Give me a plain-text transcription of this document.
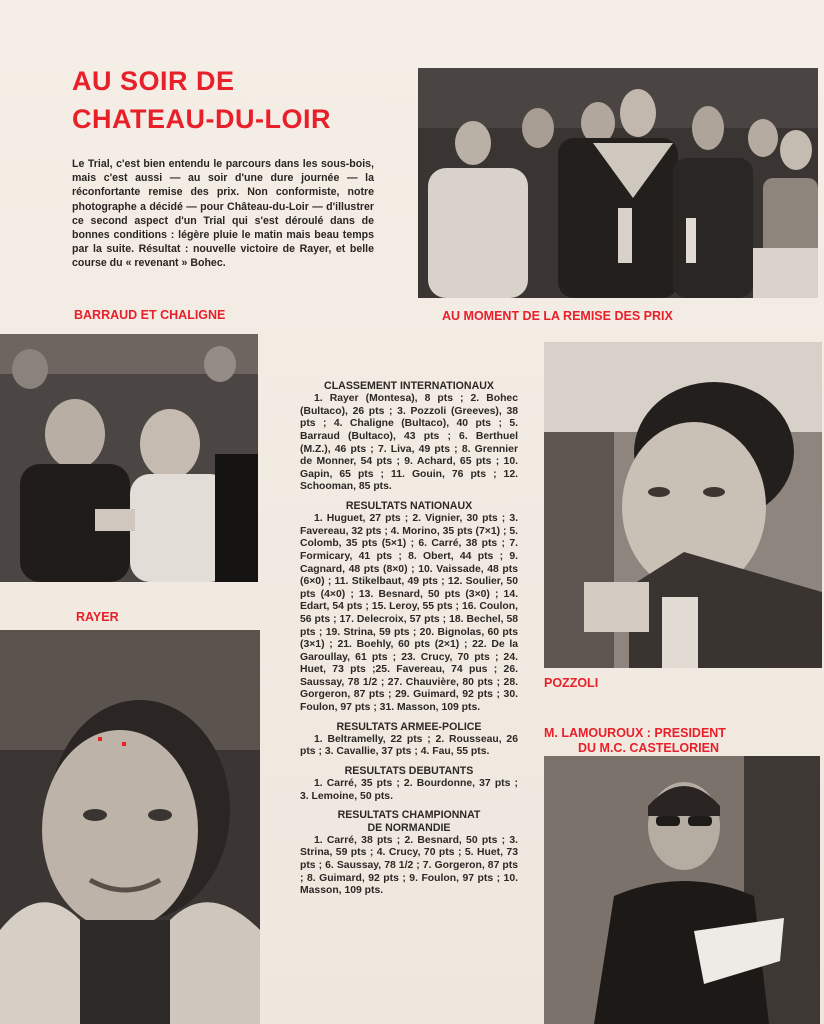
AU SOIR DE
CHATEAU-DU-LOIR

Le Trial, c'est bien entendu le parcours dans les sous-bois, mais c'est aussi — au soir d'une dure journée — la réconfortante remise des prix. Non conformiste, notre photographe a décidé — pour Château-du-Loir — d'illustrer ce second aspect d'un Trial qui s'est déroulé dans de bonnes conditions : légère pluie le matin mais beau temps par la suite. Résultat : nouvelle victoire de Rayer, et belle course du « revenant » Bohec.

BARRAUD ET CHALIGNE	AU MOMENT DE LA REMISE DES PRIX

RAYER

POZZOLI

M. LAMOUROUX : PRESIDENT
DU M.C. CASTELORIEN

CLASSEMENT INTERNATIONAUX

1. Rayer (Montesa), 8 pts ; 2. Bohec (Bultaco), 26 pts ; 3. Pozzoli (Greeves), 38 pts ; 4. Chaligne (Bultaco), 40 pts ; 5. Barraud (Bultaco), 43 pts ; 6. Berthuel (M.Z.), 46 pts ; 7. Liva, 49 pts ; 8. Grennier de Monner, 54 pts ; 9. Achard, 65 pts ; 10. Gapin, 65 pts ; 11. Gouin, 76 pts ; 12. Schooman, 85 pts.

RESULTATS NATIONAUX

1. Huguet, 27 pts ; 2. Vignier, 30 pts ; 3. Favereau, 32 pts ; 4. Morino, 35 pts (7×1) ; 5. Colomb, 35 pts (5×1) ; 6. Carré, 38 pts ; 7. Formicary, 41 pts ; 8. Obert, 44 pts ; 9. Cagnard, 48 pts (8×0) ; 10. Vaissade, 48 pts (6×0) ; 11. Stikelbaut, 49 pts ; 12. Soulier, 50 pts (4×0) ; 13. Besnard, 50 pts (3×0) ; 14. Edart, 54 pts ; 15. Leroy, 55 pts ; 16. Coulon, 56 pts ; 17. Delecroix, 57 pts ; 18. Bechel, 58 pts ; 19. Strina, 59 pts ; 20. Bignolas, 60 pts (3×1) ; 21. Boehly, 60 pts (2×1) ; 22. De la Garoullay, 61 pts ; 23. Crucy, 70 pts ; 24. Huet, 73 pts ;25. Favereau, 74 pus ; 26. Saussay, 78 1/2 ; 27. Chauvière, 80 pts ; 28. Gorgeron, 87 pts ; 29. Guimard, 92 pts ; 30. Foulon, 97 pts ; 31. Masson, 109 pts.

RESULTATS ARMEE-POLICE

1. Beltramelly, 22 pts ; 2. Rousseau, 26 pts ; 3. Cavallie, 37 pts ; 4. Fau, 55 pts.

RESULTATS DEBUTANTS

1. Carré, 35 pts ; 2. Bourdonne, 37 pts ; 3. Lemoine, 50 pts.

RESULTATS CHAMPIONNAT
DE NORMANDIE

1. Carré, 38 pts ; 2. Besnard, 50 pts ; 3. Strina, 59 pts ; 4. Crucy, 70 pts ; 5. Huet, 73 pts ; 6. Saussay, 78 1/2 ; 7. Gorgeron, 87 pts ; 8. Guimard, 92 pts ; 9. Foulon, 97 pts ; 10. Masson, 109 pts.
